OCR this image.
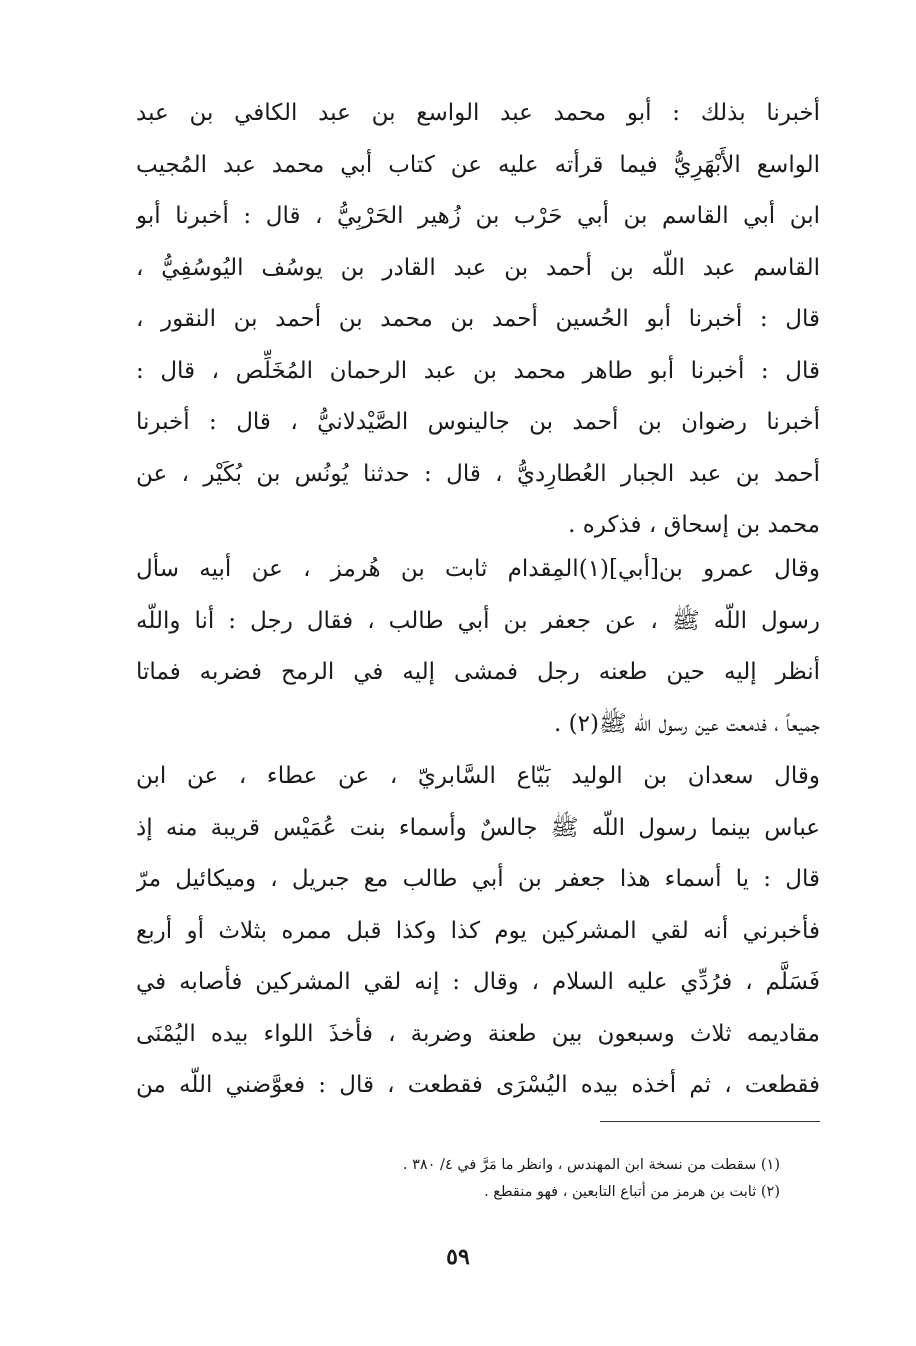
أخبرنا بذلك : أبو محمد عبد الواسع بن عبد الكافي بن عبد
الواسع الأَبْهَرِيُّ فيما قرأته عليه عن كتاب أبي محمد عبد المُجيب
ابن أبي القاسم بن أبي حَرْب بن زُهير الحَرْبِيُّ ، قال : أخبرنا أبو
القاسم عبد اللّه بن أحمد بن عبد القادر بن يوسُف اليُوسُفِيُّ ،
قال : أخبرنا أبو الحُسين أحمد بن محمد بن أحمد بن النقور ،
قال : أخبرنا أبو طاهر محمد بن عبد الرحمان المُخَلِّص ، قال :
أخبرنا رضوان بن أحمد بن جالينوس الصَّيْدلانيُّ ، قال : أخبرنا
أحمد بن عبد الجبار العُطارِديُّ ، قال : حدثنا يُونُس بن بُكَيْر ، عن
محمد بن إسحاق ، فذكره .
وقال عمرو بن[أبي](١)المِقدام ثابت بن هُرمز ، عن أبيه سأل
رسول اللّه ﷺ ، عن جعفر بن أبي طالب ، فقال رجل : أنا واللّه
أنظر إليه حين طعنه رجل فمشى إليه في الرمح فضربه فماتا
جميعاً ، فدمعت عين رسول اللّه ﷺ(٢) .
وقال سعدان بن الوليد بَيّاع السَّابريّ ، عن عطاء ، عن ابن
عباس بينما رسول اللّه ﷺ جالسٌ وأسماء بنت عُمَيْس قريبة منه إذ
قال : يا أسماء هذا جعفر بن أبي طالب مع جبريل ، وميكائيل مرّ
فأخبرني أنه لقي المشركين يوم كذا وكذا قبل ممره بثلاث أو أربع
فَسَلَّم ، فرُدِّي عليه السلام ، وقال : إنه لقي المشركين فأصابه في
مقاديمه ثلاث وسبعون بين طعنة وضربة ، فأخذَ اللواء بيده اليُمْنَى
فقطعت ، ثم أخذه بيده اليُسْرَى فقطعت ، قال : فعوَّضني اللّه من
(١) سقطت من نسخة ابن المهندس ، وانظر ما مَرَّ في ٤/ ٣٨٠ .
(٢) ثابت بن هرمز من أتباع التابعين ، فهو منقطع .
٥٩
